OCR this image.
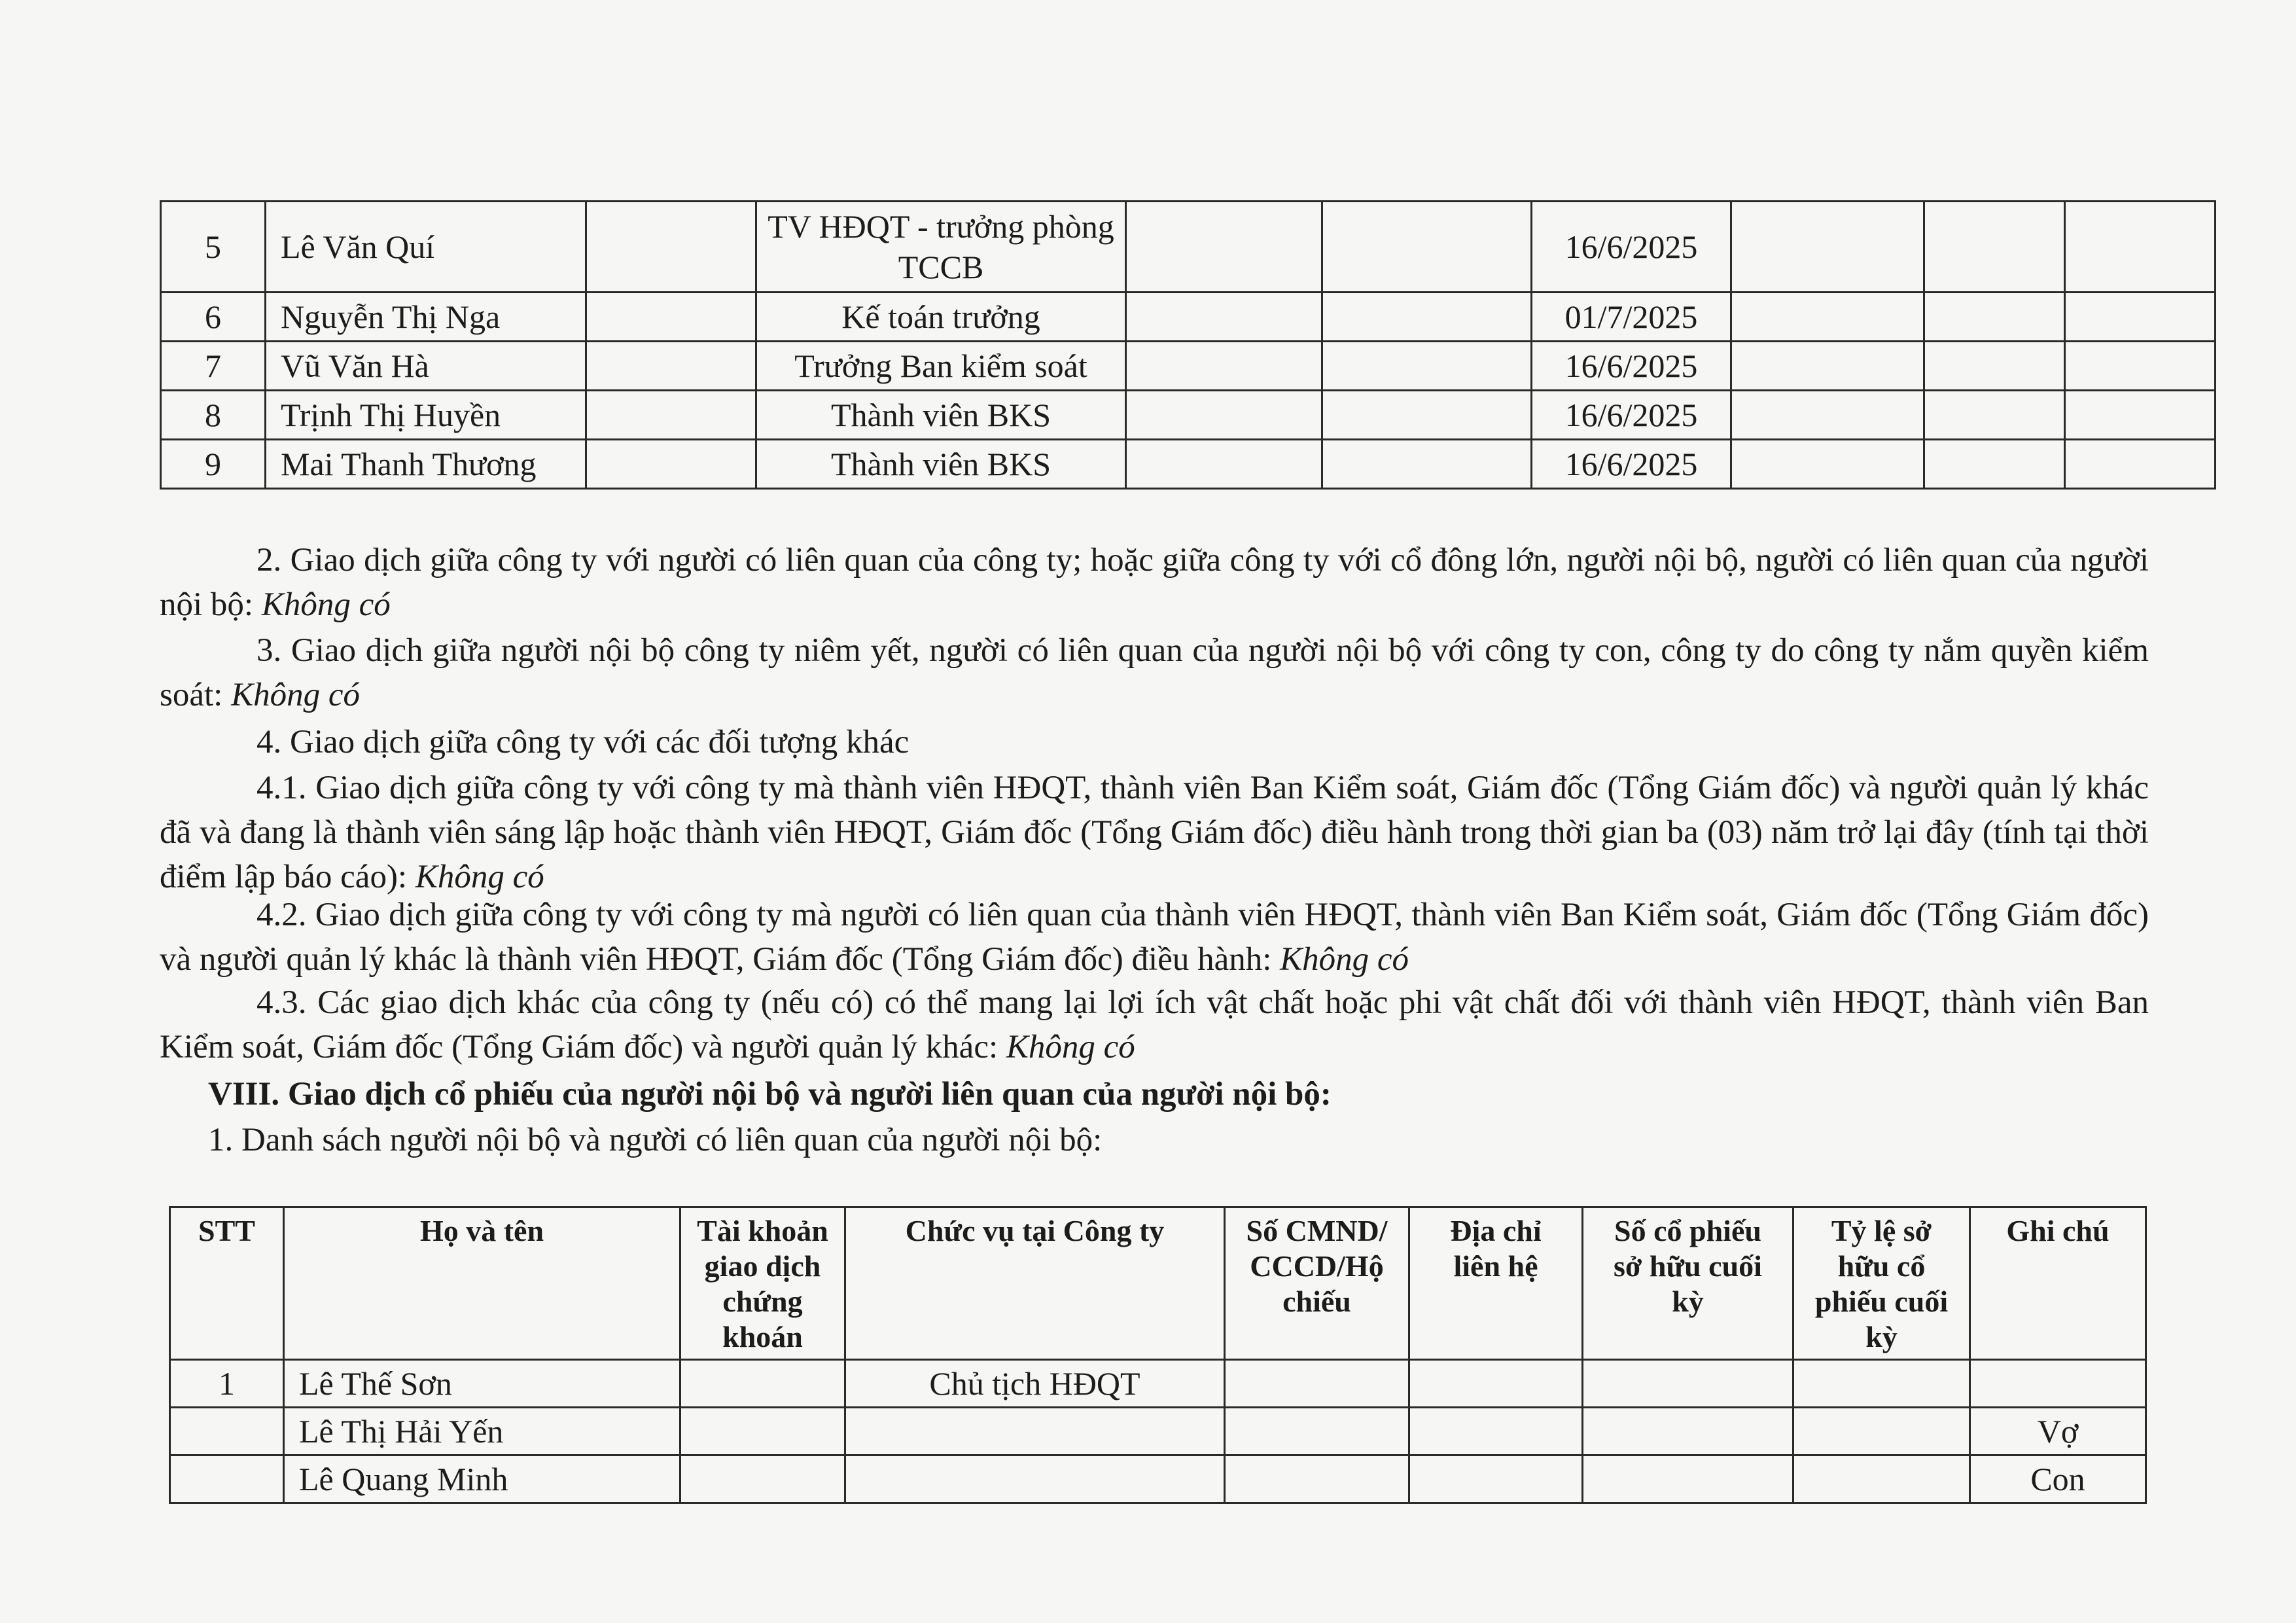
5	Lê Văn Quí		TV HĐQT - trưởng phòng TCCB			16/6/2025			
6	Nguyễn Thị Nga		Kế toán trưởng			01/7/2025			
7	Vũ Văn Hà		Trưởng Ban kiểm soát			16/6/2025			
8	Trịnh Thị Huyền		Thành viên BKS			16/6/2025			
9	Mai Thanh Thương		Thành viên BKS			16/6/2025			
2. Giao dịch giữa công ty với người có liên quan của công ty; hoặc giữa công ty với cổ đông lớn, người nội bộ, người có liên quan của người nội bộ: Không có
3. Giao dịch giữa người nội bộ công ty niêm yết, người có liên quan của người nội bộ với công ty con, công ty do công ty nắm quyền kiểm soát: Không có
4. Giao dịch giữa công ty với các đối tượng khác
4.1. Giao dịch giữa công ty với công ty mà thành viên HĐQT, thành viên Ban Kiểm soát, Giám đốc (Tổng Giám đốc) và người quản lý khác đã và đang là thành viên sáng lập hoặc thành viên HĐQT, Giám đốc (Tổng Giám đốc) điều hành trong thời gian ba (03) năm trở lại đây (tính tại thời điểm lập báo cáo): Không có
4.2. Giao dịch giữa công ty với công ty mà người có liên quan của thành viên HĐQT, thành viên Ban Kiểm soát, Giám đốc (Tổng Giám đốc) và người quản lý khác là thành viên HĐQT, Giám đốc (Tổng Giám đốc) điều hành: Không có
4.3. Các giao dịch khác của công ty (nếu có) có thể mang lại lợi ích vật chất hoặc phi vật chất đối với thành viên HĐQT, thành viên Ban Kiểm soát, Giám đốc (Tổng Giám đốc) và người quản lý khác: Không có
VIII. Giao dịch cổ phiếu của người nội bộ và người liên quan của người nội bộ:
1. Danh sách người nội bộ và người có liên quan của người nội bộ:
STT	Họ và tên	Tài khoản giao dịch chứng khoán	Chức vụ tại Công ty	Số CMND/CCCD/Hộ chiếu	Địa chỉ liên hệ	Số cổ phiếu sở hữu cuối kỳ	Tỷ lệ sở hữu cổ phiếu cuối kỳ	Ghi chú
1	Lê Thế Sơn		Chủ tịch HĐQT					
	Lê Thị Hải Yến							Vợ
	Lê Quang Minh							Con
